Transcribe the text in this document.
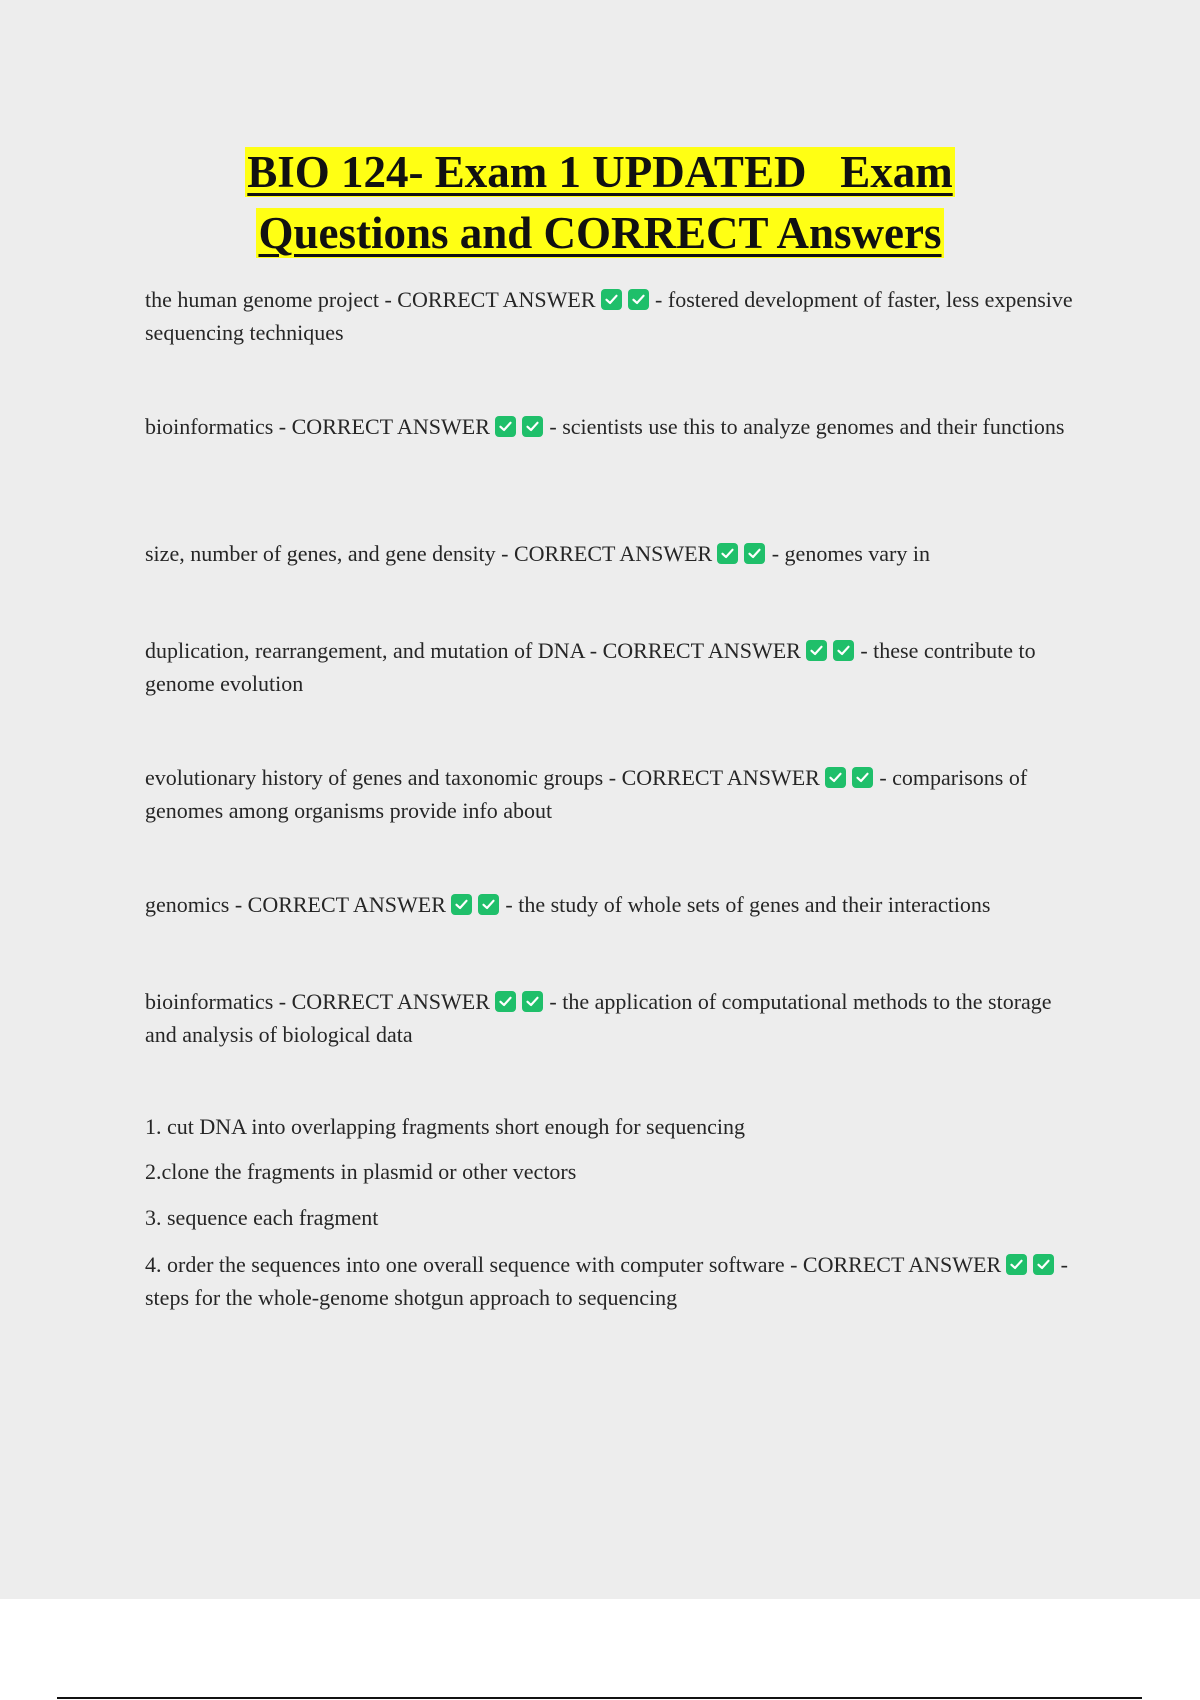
BIO 124- Exam 1 UPDATED   Exam
Questions and CORRECT Answers
the human genome project - CORRECT ANSWER	- fostered development of faster, less expensive sequencing techniques
bioinformatics - CORRECT ANSWER	- scientists use this to analyze genomes and their functions
size, number of genes, and gene density - CORRECT ANSWER	- genomes vary in
duplication, rearrangement, and mutation of DNA - CORRECT ANSWER	- these contribute to genome evolution
evolutionary history of genes and taxonomic groups - CORRECT ANSWER	- comparisons of genomes among organisms provide info about
genomics - CORRECT ANSWER	- the study of whole sets of genes and their interactions
bioinformatics - CORRECT ANSWER	- the application of computational methods to the storage and analysis of biological data
1. cut DNA into overlapping fragments short enough for sequencing
2.clone the fragments in plasmid or other vectors
3. sequence each fragment
4. order the sequences into one overall sequence with computer software - CORRECT ANSWER	- steps for the whole-genome shotgun approach to sequencing
